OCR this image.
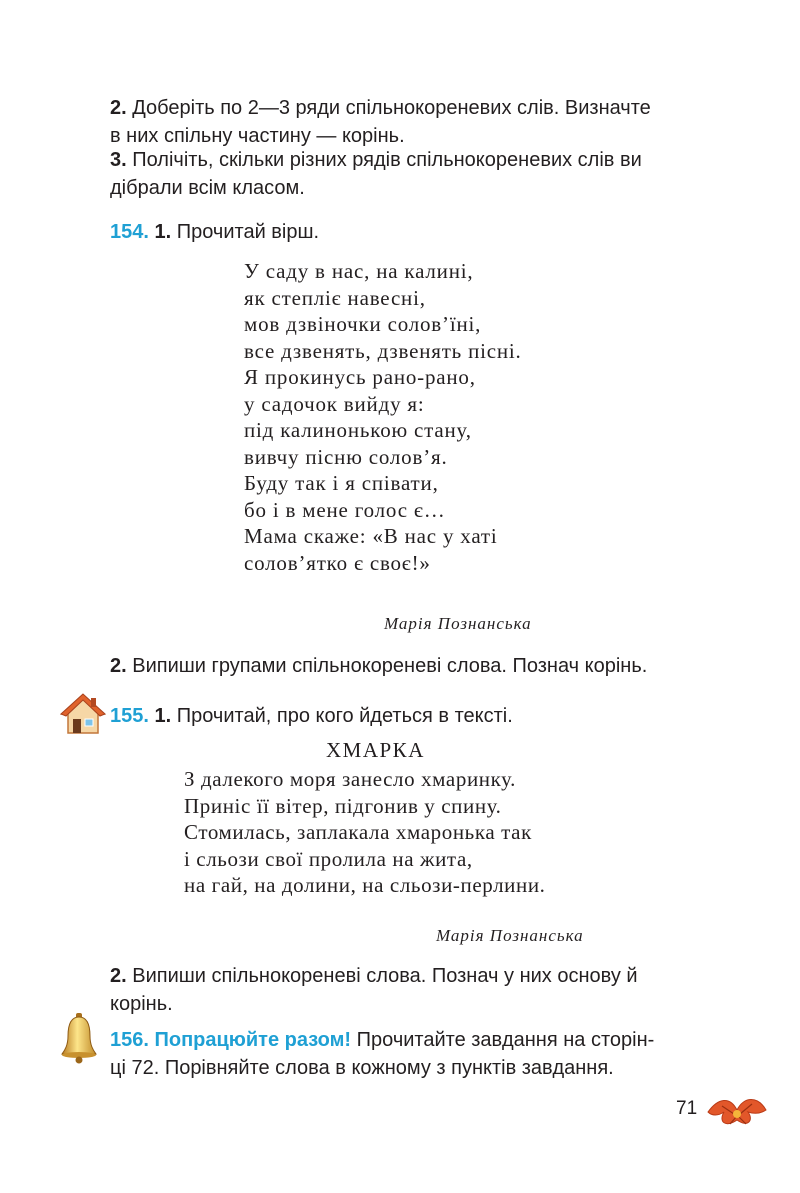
2. Доберіть по 2—3 ряди спільнокореневих слів. Визначте
в них спільну частину — корінь.
3. Полічіть, скільки різних рядів спільнокореневих слів ви
дібрали всім класом.
154. 1. Прочитай вірш.
У саду в нас, на калині,
як степліє навесні,
мов дзвіночки солов’їні,
все дзвенять, дзвенять пісні.
Я прокинусь рано-рано,
у садочок вийду я:
під калинонькою стану,
вивчу пісню солов’я.
Буду так і я співати,
бо і в мене голос є…
Мама скаже: «В нас у хаті
солов’ятко є своє!»
Марія Познанська
2. Випиши групами спільнокореневі слова. Познач корінь.
155. 1. Прочитай, про кого йдеться в тексті.
ХМАРКА
З далекого моря занесло хмаринку.
Приніс її вітер, підгонив у спину.
Стомилась, заплакала хмаронька так
і сльози свої пролила на жита,
на гай, на долини, на сльози-перлини.
Марія Познанська
2. Випиши спільнокореневі слова. Познач у них основу й
корінь.
156. Попрацюйте разом! Прочитайте завдання на сторін-
ці 72. Порівняйте слова в кожному з пунктів завдання.
71
